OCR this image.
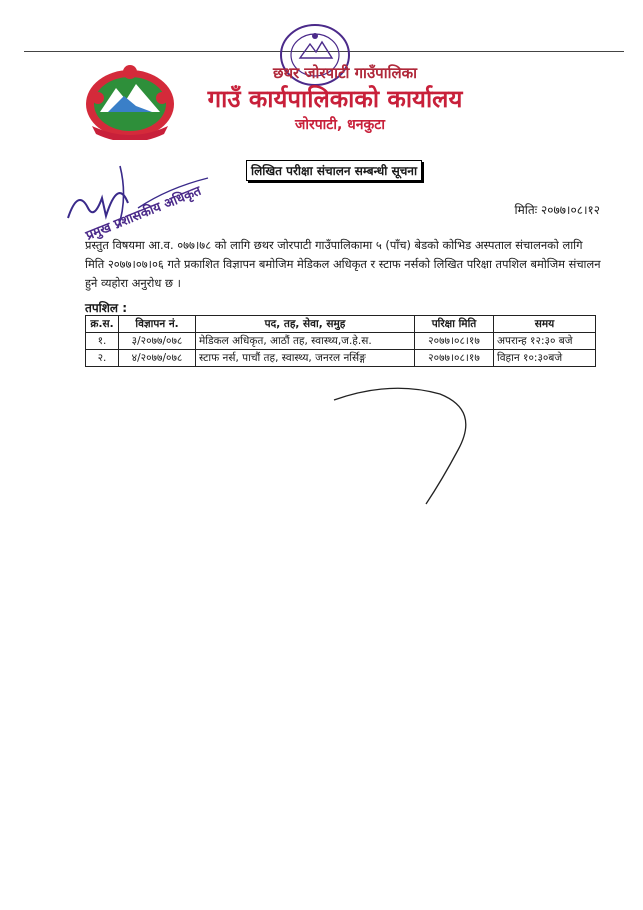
छथर जोरपाटी गाउँपालिका
गाउँ कार्यपालिकाको कार्यालय
जोरपाटी, धनकुटा
लिखित परीक्षा संचालन सम्बन्धी सूचना
प्रमुख प्रशासकीय अधिकृत	मितिः २०७७।०८।१२
प्रस्तुत विषयमा आ.व. ०७७।७८ को लागि छथर जोरपाटी गाउँपालिकामा ५ (पाँच) बेडको कोभिड अस्पताल संचालनको लागि मिति २०७७।०७।०६ गते प्रकाशित विज्ञापन बमोजिम मेडिकल अधिकृत र स्टाफ नर्सको लिखित परिक्षा तपशिल बमोजिम संचालन हुने व्यहोरा अनुरोध छ ।
तपशिल :
क्र.स.	विज्ञापन नं.	पद, तह, सेवा, समुह	परिक्षा मिति	समय
१.	३/२०७७/०७८	मेडिकल अधिकृत, आठौं तह, स्वास्थ्य,ज.हे.स.	२०७७।०८।१७	अपरान्ह १२:३० बजे
२.	४/२०७७/०७८	स्टाफ नर्स, पाचौं तह, स्वास्थ्य, जनरल नर्सिङ्ग	२०७७।०८।१७	विहान १०:३०बजे
